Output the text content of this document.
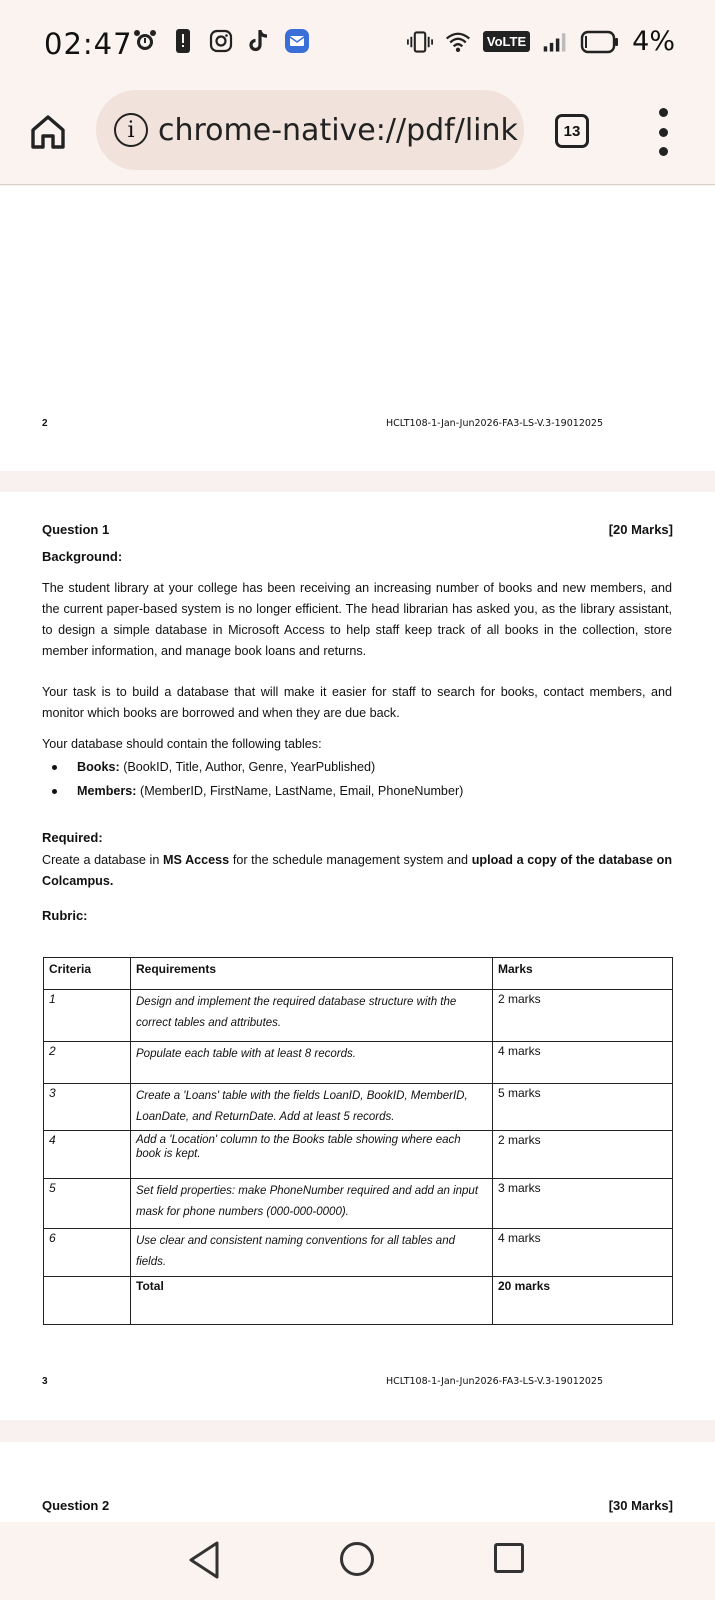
02:47	VoLTE	4%
i chrome-native://pdf/link	13
2	HCLT108-1-Jan-Jun2026-FA3-LS-V.3-19012025
Question 1	[20 Marks]
Background:
The student library at your college has been receiving an increasing number of books and new members, and the current paper-based system is no longer efficient. The head librarian has asked you, as the library assistant, to design a simple database in Microsoft Access to help staff keep track of all books in the collection, store member information, and manage book loans and returns.
Your task is to build a database that will make it easier for staff to search for books, contact members, and monitor which books are borrowed and when they are due back.
Your database should contain the following tables:
Books:
(BookID, Title, Author, Genre, YearPublished)
Members:
(MemberID, FirstName, LastName, Email, PhoneNumber)
Required:
Create a database in MS Access for the schedule management system and upload a copy of the database on Colcampus.
Rubric:
Criteria	Requirements	Marks
1	Design and implement the required database structure with the correct tables and attributes.	2 marks
2	Populate each table with at least 8 records.	4 marks
3	Create a 'Loans' table with the fields LoanID, BookID, MemberID, LoanDate, and ReturnDate. Add at least 5 records.	5 marks
4	Add a 'Location' column to the Books table showing where each book is kept.	2 marks
5	Set field properties: make PhoneNumber required and add an input mask for phone numbers (000-000-0000).	3 marks
6	Use clear and consistent naming conventions for all tables and fields.	4 marks
	Total	20 marks
3	HCLT108-1-Jan-Jun2026-FA3-LS-V.3-19012025
Question 2	[30 Marks]
